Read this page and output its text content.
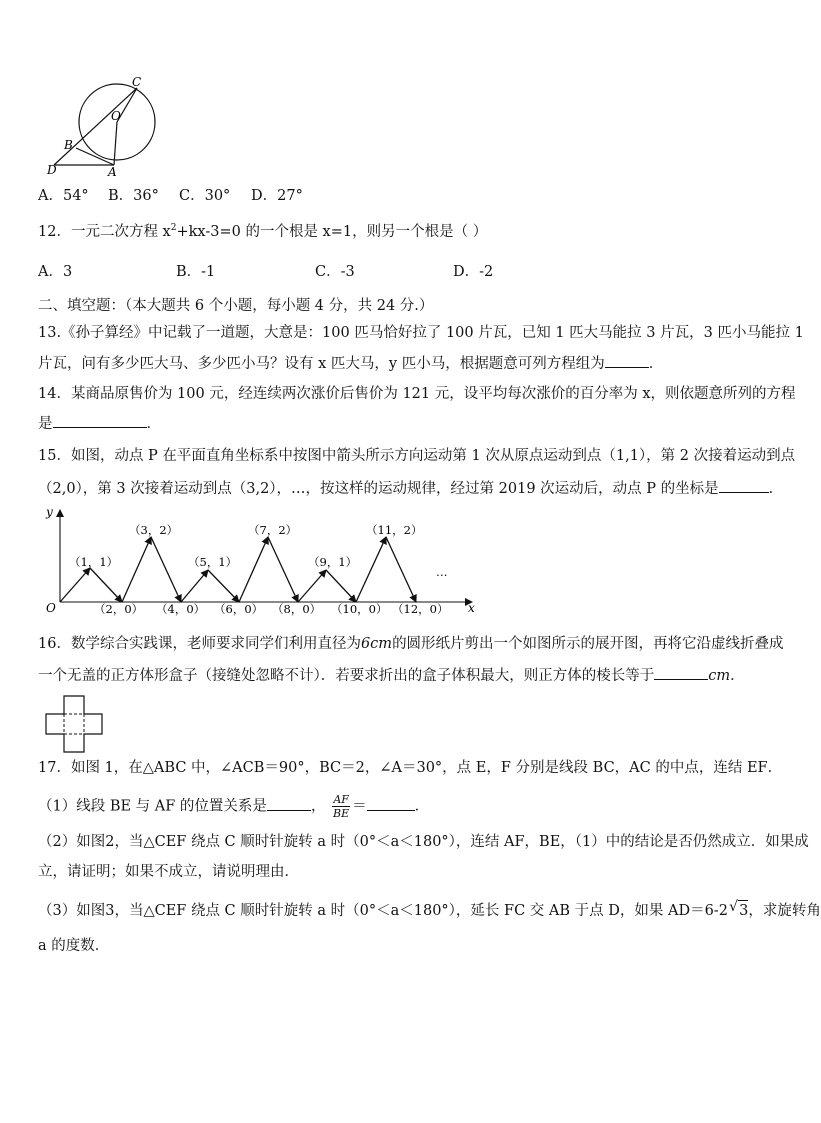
C
O
B
D	A
A．54° B．36° C．30° D．27°
12．一元二次方程 $x^2+kx-3=0$ 的一个根是 x=1，则另一个根是（ ）
A．3	B．-1	C．-3	D．-2
二、填空题：（本大题共 6 个小题，每小题 4 分，共 24 分.）
13.《孙子算经》中记载了一道题，大意是：100 匹马恰好拉了 100 片瓦，已知 1 匹大马能拉 3 片瓦，3 匹小马能拉 1
片瓦，问有多少匹大马、多少匹小马？设有 x 匹大马，y 匹小马，根据题意可列方程组为	．
14．某商品原售价为 100 元，经连续两次涨价后售价为 121 元，设平均每次涨价的百分率为 x，则依题意所列的方程
是	．
15．如图，动点 P 在平面直角坐标系中按图中箭头所示方向运动第 1 次从原点运动到点（1,1），第 2 次接着运动到点
（2,0），第 3 次接着运动到点（3,2），…，按这样的运动规律，经过第 2019 次运动后，动点 P 的坐标是	．
y
x
O
（1，1）
（3，2）
（5，1）
（7，2）
（9，1）
（11，2）
（2，0） （4，0） （6，0） （8，0） （10，0） （12，0）
…
16．数学综合实践课，老师要求同学们利用直径为6cm的圆形纸片剪出一个如图所示的展开图，再将它沿虚线折叠成
一个无盖的正方体形盒子（接缝处忽略不计）．若要求折出的盒子体积最大，则正方体的棱长等于	cm．
17．如图 1，在△ABC 中，∠ACB＝90°，BC＝2，∠A＝30°，点 E，F 分别是线段 BC，AC 的中点，连结 EF．
（1）线段 BE 与 AF 的位置关系是	， $\frac{AF}{BE}$ ＝	．
（2）如图2，当△CEF 绕点 C 顺时针旋转 a 时（0°＜a＜180°），连结 AF，BE，（1）中的结论是否仍然成立．如果成
立，请证明；如果不成立，请说明理由．
（3）如图3，当△CEF 绕点 C 顺时针旋转 a 时（0°＜a＜180°），延长 FC 交 AB 于点 D，如果 AD＝6-2  √ 3，求旋转角
a 的度数．
